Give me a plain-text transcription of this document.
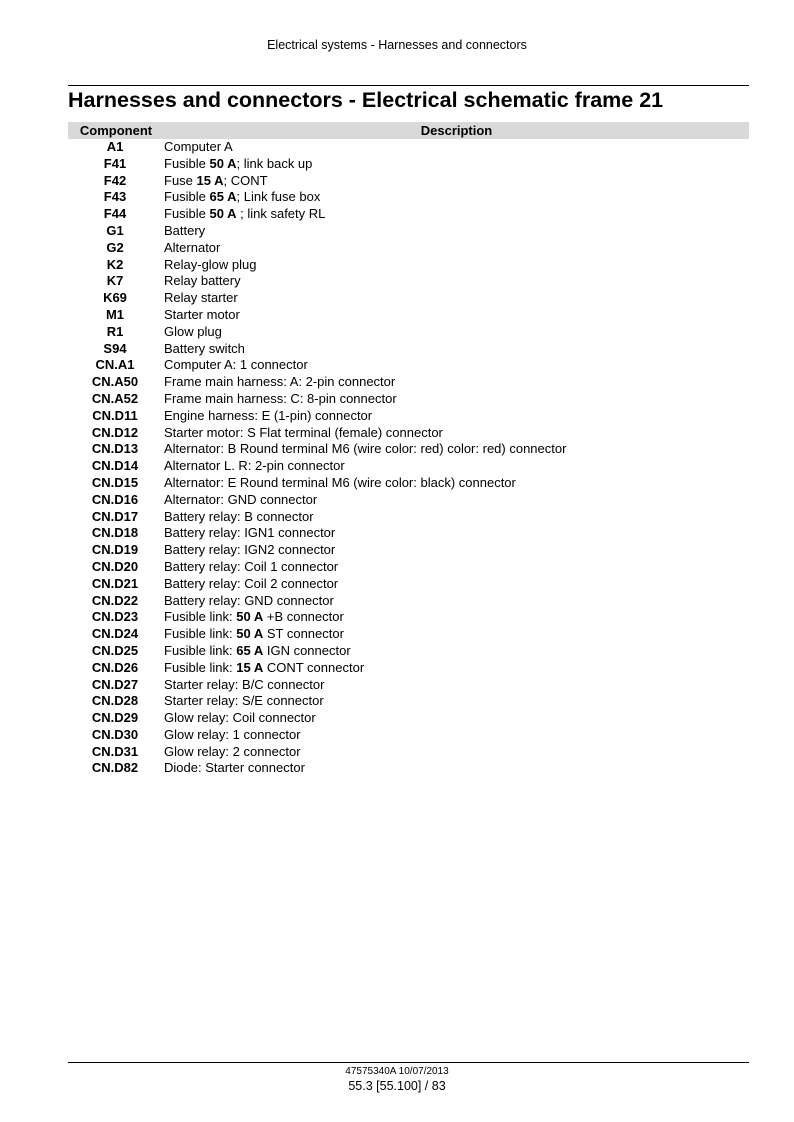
Electrical systems - Harnesses and connectors
Harnesses and connectors - Electrical schematic frame 21
Component	Description
A1	Computer A
F41	Fusible 50 A; link back up
F42	Fuse 15 A; CONT
F43	Fusible 65 A; Link fuse box
F44	Fusible 50 A ; link safety RL
G1	Battery
G2	Alternator
K2	Relay-glow plug
K7	Relay battery
K69	Relay starter
M1	Starter motor
R1	Glow plug
S94	Battery switch
CN.A1	Computer A: 1 connector
CN.A50	Frame main harness: A: 2-pin connector
CN.A52	Frame main harness: C: 8-pin connector
CN.D11	Engine harness: E (1-pin) connector
CN.D12	Starter motor: S Flat terminal (female) connector
CN.D13	Alternator: B Round terminal M6 (wire color: red) color: red) connector
CN.D14	Alternator L. R: 2-pin connector
CN.D15	Alternator: E Round terminal M6 (wire color: black) connector
CN.D16	Alternator: GND connector
CN.D17	Battery relay: B connector
CN.D18	Battery relay: IGN1 connector
CN.D19	Battery relay: IGN2 connector
CN.D20	Battery relay: Coil 1 connector
CN.D21	Battery relay: Coil 2 connector
CN.D22	Battery relay: GND connector
CN.D23	Fusible link: 50 A +B connector
CN.D24	Fusible link: 50 A ST connector
CN.D25	Fusible link: 65 A IGN connector
CN.D26	Fusible link: 15 A CONT connector
CN.D27	Starter relay: B/C connector
CN.D28	Starter relay: S/E connector
CN.D29	Glow relay: Coil connector
CN.D30	Glow relay: 1 connector
CN.D31	Glow relay: 2 connector
CN.D82	Diode: Starter connector
47575340A 10/07/2013
55.3 [55.100] / 83
